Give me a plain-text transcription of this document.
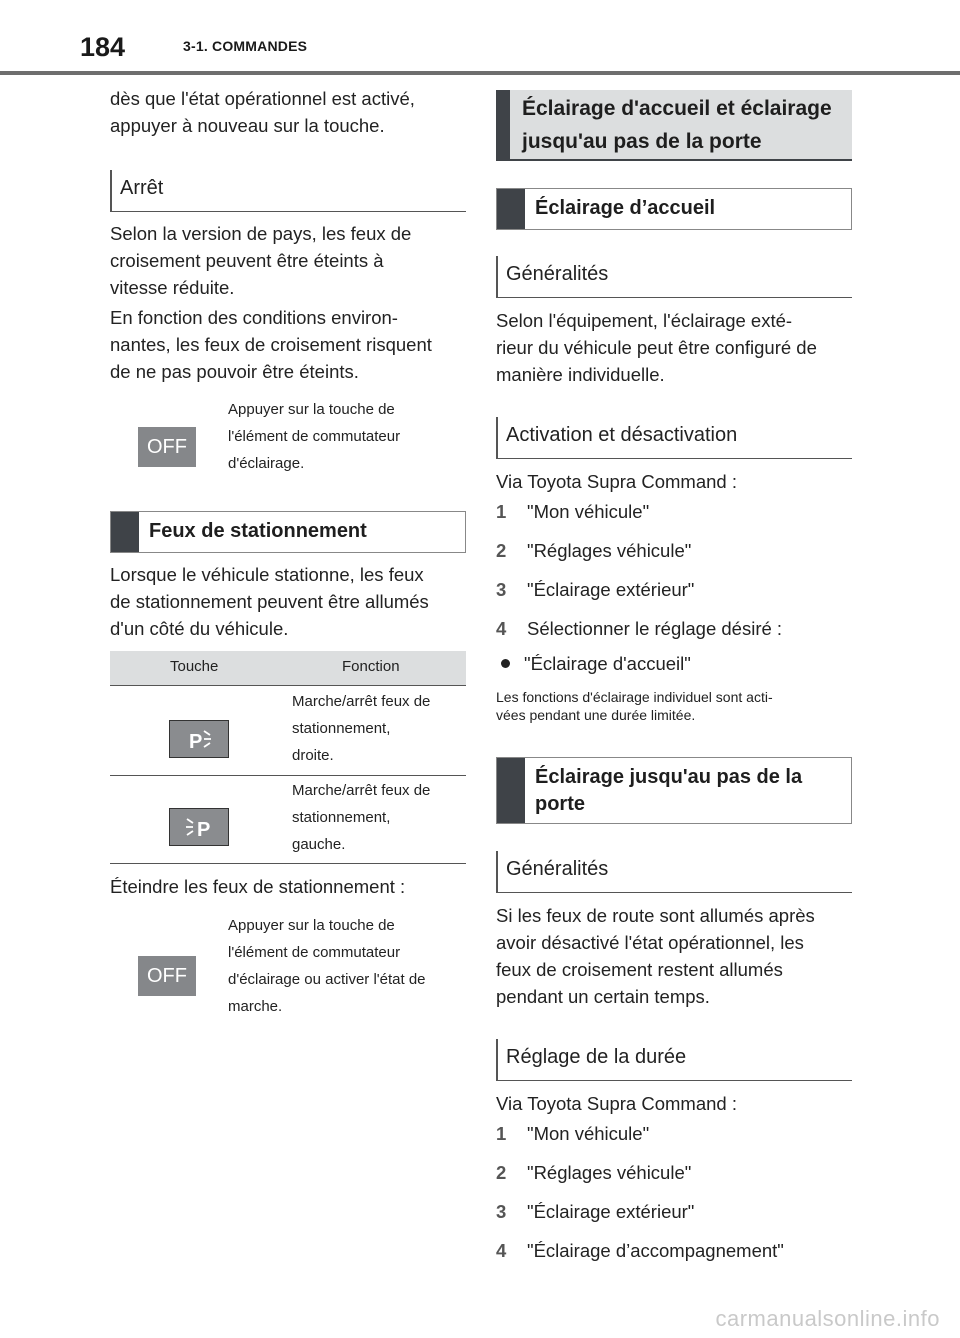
184	3-1. COMMANDES
dès que l'état opérationnel est activé,
appuyer à nouveau sur la touche.
Arrêt
Selon la version de pays, les feux de
croisement peuvent être éteints à
vitesse réduite.
En fonction des conditions environ-
nantes, les feux de croisement risquent
de ne pas pouvoir être éteints.
OFF
Appuyer sur la touche de
l'élément de commutateur
d'éclairage.
Feux de stationnement
Lorsque le véhicule stationne, les feux
de stationnement peuvent être allumés
d'un côté du véhicule.
Touche	Fonction
P
Marche/arrêt feux de
stationnement,
droite.
P
Marche/arrêt feux de
stationnement,
gauche.
Éteindre les feux de stationnement :
OFF
Appuyer sur la touche de
l'élément de commutateur
d'éclairage ou activer l'état de
marche.
Éclairage d'accueil et éclairage
jusqu'au pas de la porte
Éclairage d’accueil
Généralités
Selon l'équipement, l'éclairage exté-
rieur du véhicule peut être configuré de
manière individuelle.
Activation et désactivation
Via Toyota Supra Command :
1 "Mon véhicule"
2 "Réglages véhicule"
3 "Éclairage extérieur"
4 Sélectionner le réglage désiré :
"Éclairage d'accueil"
Les fonctions d'éclairage individuel sont acti-
vées pendant une durée limitée.
Éclairage jusqu'au pas de la
porte
Généralités
Si les feux de route sont allumés après
avoir désactivé l'état opérationnel, les
feux de croisement restent allumés
pendant un certain temps.
Réglage de la durée
Via Toyota Supra Command :
1 "Mon véhicule"
2 "Réglages véhicule"
3 "Éclairage extérieur"
4 "Éclairage d’accompagnement"
carmanualsonline.info
